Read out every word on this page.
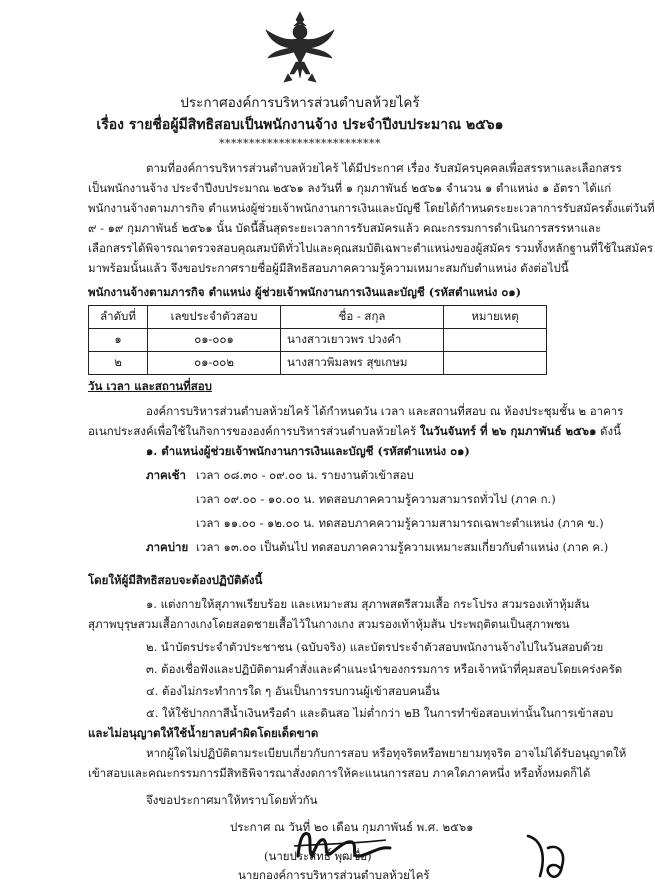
ประกาศองค์การบริหารส่วนตำบลห้วยไคร้
เรื่อง รายชื่อผู้มีสิทธิสอบเป็นพนักงานจ้าง ประจำปีงบประมาณ ๒๕๖๑
***************************
ตามที่องค์การบริหารส่วนตำบลห้วยไคร้ ได้มีประกาศ เรื่อง รับสมัครบุคคลเพื่อสรรหาและเลือกสรร
เป็นพนักงานจ้าง ประจำปีงบประมาณ ๒๕๖๑ ลงวันที่ ๑ กุมภาพันธ์ ๒๕๖๑ จำนวน ๑ ตำแหน่ง ๑ อัตรา ได้แก่
พนักงานจ้างตามภารกิจ ตำแหน่งผู้ช่วยเจ้าพนักงานการเงินและบัญชี โดยได้กำหนดระยะเวลาการรับสมัครตั้งแต่วันที่
๙ - ๑๙ กุมภาพันธ์ ๒๕๖๑ นั้น บัดนี้สิ้นสุดระยะเวลาการรับสมัครแล้ว คณะกรรมการดำเนินการสรรหาและ
เลือกสรรได้พิจารณาตรวจสอบคุณสมบัติทั่วไปและคุณสมบัติเฉพาะตำแหน่งของผู้สมัคร รวมทั้งหลักฐานที่ใช้ในสมัคร
มาพร้อมนั้นแล้ว จึงขอประกาศรายชื่อผู้มีสิทธิสอบภาคความรู้ความเหมาะสมกับตำแหน่ง ดังต่อไปนี้
พนักงานจ้างตามภารกิจ ตำแหน่ง ผู้ช่วยเจ้าพนักงานการเงินและบัญชี (รหัสตำแหน่ง ๐๑)
ลำดับที่	เลขประจำตัวสอบ	ชื่อ - สกุล	หมายเหตุ
๑	๐๑-๐๐๑	นางสาวเยาวพร ปวงคำ	
๒	๐๑-๐๐๒	นางสาวพิมลพร สุขเกษม	
วัน เวลา และสถานที่สอบ
องค์การบริหารส่วนตำบลห้วยไคร้ ได้กำหนดวัน เวลา และสถานที่สอบ ณ ห้องประชุมชั้น ๒ อาคาร
อเนกประสงค์เพื่อใช้ในกิจการขององค์การบริหารส่วนตำบลห้วยไคร้ ในวันจันทร์ ที่ ๒๖ กุมภาพันธ์ ๒๕๖๑ ดังนี้
๑. ตำแหน่งผู้ช่วยเจ้าพนักงานการเงินและบัญชี (รหัสตำแหน่ง ๐๑)
ภาคเช้า เวลา ๐๘.๓๐ - ๐๙.๐๐ น. รายงานตัวเข้าสอบ
เวลา ๐๙.๐๐ - ๑๐.๐๐ น. ทดสอบภาคความรู้ความสามารถทั่วไป (ภาค ก.)
เวลา ๑๑.๐๐ - ๑๒.๐๐ น. ทดสอบภาคความรู้ความสามารถเฉพาะตำแหน่ง (ภาค ข.)
ภาคบ่าย เวลา ๑๓.๐๐ เป็นต้นไป ทดสอบภาคความรู้ความเหมาะสมเกี่ยวกับตำแหน่ง (ภาค ค.)
โดยให้ผู้มีสิทธิสอบจะต้องปฏิบัติดังนี้
๑. แต่งกายให้สุภาพเรียบร้อย และเหมาะสม สุภาพสตรีสวมเสื้อ กระโปรง สวมรองเท้าหุ้มส้น
สุภาพบุรุษสวมเสื้อกางเกงโดยสอดชายเสื้อไว้ในกางเกง สวมรองเท้าหุ้มส้น ประพฤติตนเป็นสุภาพชน
๒. นำบัตรประจำตัวประชาชน (ฉบับจริง) และบัตรประจำตัวสอบพนักงานจ้างไปในวันสอบด้วย
๓. ต้องเชื่อฟังและปฏิบัติตามคำสั่งและคำแนะนำของกรรมการ หรือเจ้าหน้าที่คุมสอบโดยเคร่งครัด
๔. ต้องไม่กระทำการใด ๆ อันเป็นการรบกวนผู้เข้าสอบคนอื่น
๕. ให้ใช้ปากกาสีน้ำเงินหรือดำ และดินสอ ไม่ต่ำกว่า ๒B ในการทำข้อสอบเท่านั้นในการเข้าสอบ
และไม่อนุญาตให้ใช้น้ำยาลบคำผิดโดยเด็ดขาด
หากผู้ใดไม่ปฏิบัติตามระเบียบเกี่ยวกับการสอบ หรือทุจริตหรือพยายามทุจริต อาจไม่ได้รับอนุญาตให้
เข้าสอบและคณะกรรมการมีสิทธิพิจารณาสั่งงดการให้คะแนนการสอบ ภาคใดภาคหนึ่ง หรือทั้งหมดก็ได้
จึงขอประกาศมาให้ทราบโดยทั่วกัน
ประกาศ ณ วันที่ ๒๐ เดือน กุมภาพันธ์ พ.ศ. ๒๕๖๑
(นายประสิทธิ์ พุฒซื่อ)
นายกองค์การบริหารส่วนตำบลห้วยไคร้
